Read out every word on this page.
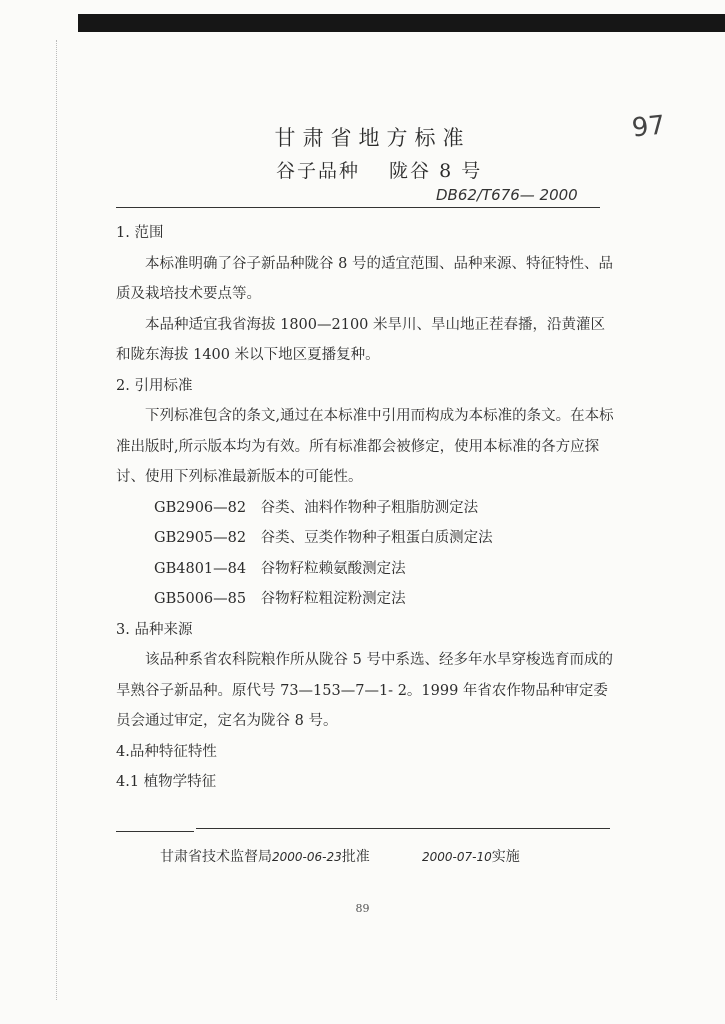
97
甘肃省地方标准
谷子品种　 陇谷 8 号
DB62/T676— 2000

1. 范围

本标准明确了谷子新品种陇谷 8 号的适宜范围、品种来源、特征特性、品质及栽培技术要点等。

本品种适宜我省海拔 1800—2100 米旱川、旱山地正茬春播，沿黄灌区和陇东海拔 1400 米以下地区夏播复种。

2. 引用标准

下列标准包含的条文,通过在本标准中引用而构成为本标准的条文。在本标准出版时,所示版本均为有效。所有标准都会被修定，使用本标准的各方应探讨、使用下列标准最新版本的可能性。

GB2906—82　 谷类、油料作物种子粗脂肪测定法

GB2905—82　 谷类、豆类作物种子粗蛋白质测定法

GB4801—84　 谷物籽粒赖氨酸测定法

GB5006—85　 谷物籽粒粗淀粉测定法

3. 品种来源

该品种系省农科院粮作所从陇谷 5 号中系选、经多年水旱穿梭选育而成的旱熟谷子新品种。原代号 73—153—7—1- 2。1999 年省农作物品种审定委员会通过审定，定名为陇谷 8 号。

4.品种特征特性

4.1 植物学特征

甘肃省技术监督局2000-06-23批准	2000-07-10实施
89
